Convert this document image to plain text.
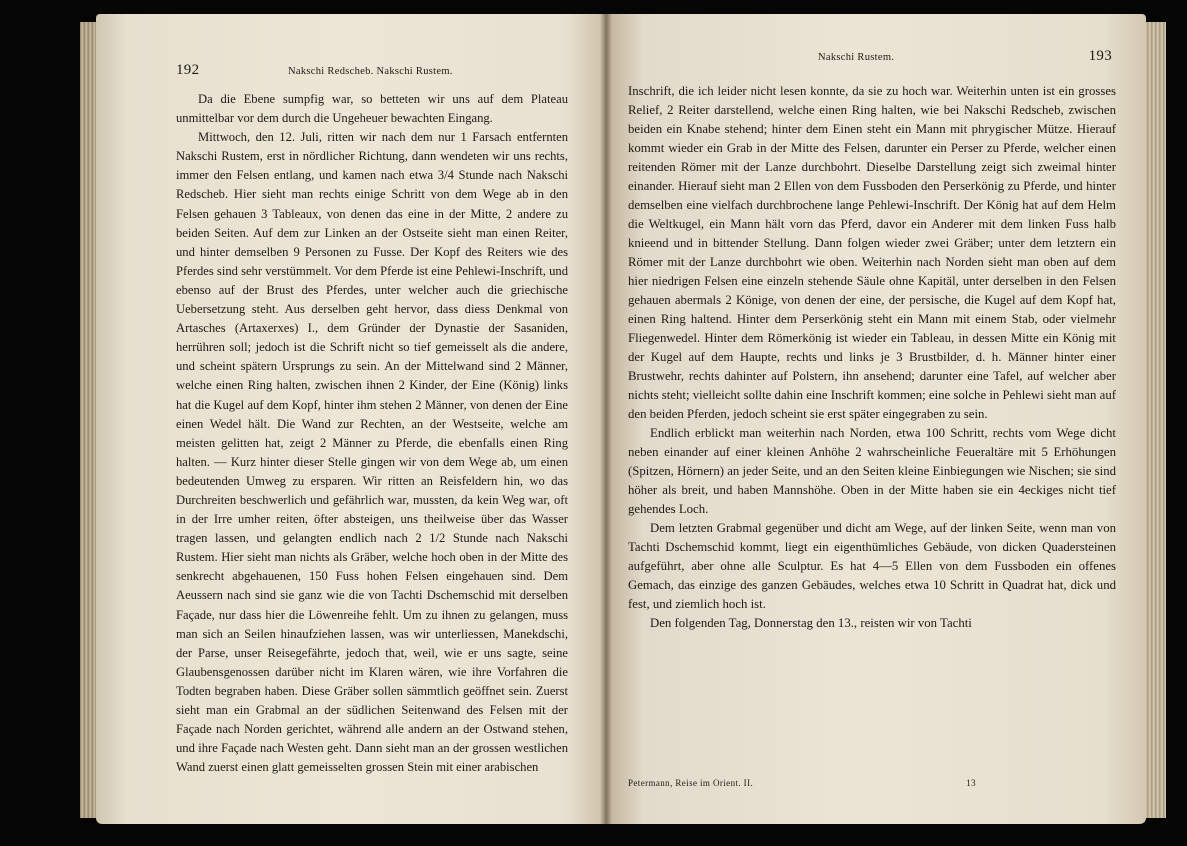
192	Nakschi Redscheb. Nakschi Rustem.

Da die Ebene sumpfig war, so betteten wir uns auf dem Plateau unmittelbar vor dem durch die Ungeheuer bewachten Eingang.

Mittwoch, den 12. Juli, ritten wir nach dem nur 1 Farsach entfernten Nakschi Rustem, erst in nördlicher Richtung, dann wendeten wir uns rechts, immer den Felsen entlang, und kamen nach etwa 3/4 Stunde nach Nakschi Redscheb. Hier sieht man rechts einige Schritt von dem Wege ab in den Felsen gehauen 3 Tableaux, von denen das eine in der Mitte, 2 andere zu beiden Seiten. Auf dem zur Linken an der Ostseite sieht man einen Reiter, und hinter demselben 9 Personen zu Fusse. Der Kopf des Reiters wie des Pferdes sind sehr verstümmelt. Vor dem Pferde ist eine Pehlewi-Inschrift, und ebenso auf der Brust des Pferdes, unter welcher auch die griechische Uebersetzung steht. Aus derselben geht hervor, dass diess Denkmal von Artasches (Artaxerxes) I., dem Gründer der Dynastie der Sasaniden, herrühren soll; jedoch ist die Schrift nicht so tief gemeisselt als die andere, und scheint spätern Ursprungs zu sein. An der Mittelwand sind 2 Männer, welche einen Ring halten, zwischen ihnen 2 Kinder, der Eine (König) links hat die Kugel auf dem Kopf, hinter ihm stehen 2 Männer, von denen der Eine einen Wedel hält. Die Wand zur Rechten, an der Westseite, welche am meisten gelitten hat, zeigt 2 Männer zu Pferde, die ebenfalls einen Ring halten. — Kurz hinter dieser Stelle gingen wir von dem Wege ab, um einen bedeutenden Umweg zu ersparen. Wir ritten an Reisfeldern hin, wo das Durchreiten beschwerlich und gefährlich war, mussten, da kein Weg war, oft in der Irre umher reiten, öfter absteigen, uns theilweise über das Wasser tragen lassen, und gelangten endlich nach 2 1/2 Stunde nach Nakschi Rustem. Hier sieht man nichts als Gräber, welche hoch oben in der Mitte des senkrecht abgehauenen, 150 Fuss hohen Felsen eingehauen sind. Dem Aeussern nach sind sie ganz wie die von Tachti Dschemschid mit derselben Façade, nur dass hier die Löwenreihe fehlt. Um zu ihnen zu gelangen, muss man sich an Seilen hinaufziehen lassen, was wir unterliessen, Manekdschi, der Parse, unser Reisegefährte, jedoch that, weil, wie er uns sagte, seine Glaubensgenossen darüber nicht im Klaren wären, wie ihre Vorfahren die Todten begraben haben. Diese Gräber sollen sämmtlich geöffnet sein. Zuerst sieht man ein Grabmal an der südlichen Seitenwand des Felsen mit der Façade nach Norden gerichtet, während alle andern an der Ostwand stehen, und ihre Façade nach Westen geht. Dann sieht man an der grossen westlichen Wand zuerst einen glatt gemeisselten grossen Stein mit einer arabischen

Nakschi Rustem.	193

Inschrift, die ich leider nicht lesen konnte, da sie zu hoch war. Weiterhin unten ist ein grosses Relief, 2 Reiter darstellend, welche einen Ring halten, wie bei Nakschi Redscheb, zwischen beiden ein Knabe stehend; hinter dem Einen steht ein Mann mit phrygischer Mütze. Hierauf kommt wieder ein Grab in der Mitte des Felsen, darunter ein Perser zu Pferde, welcher einen reitenden Römer mit der Lanze durchbohrt. Dieselbe Darstellung zeigt sich zweimal hinter einander. Hierauf sieht man 2 Ellen von dem Fussboden den Perserkönig zu Pferde, und hinter demselben eine vielfach durchbrochene lange Pehlewi-Inschrift. Der König hat auf dem Helm die Weltkugel, ein Mann hält vorn das Pferd, davor ein Anderer mit dem linken Fuss halb knieend und in bittender Stellung. Dann folgen wieder zwei Gräber; unter dem letztern ein Römer mit der Lanze durchbohrt wie oben. Weiterhin nach Norden sieht man oben auf dem hier niedrigen Felsen eine einzeln stehende Säule ohne Kapitäl, unter derselben in den Felsen gehauen abermals 2 Könige, von denen der eine, der persische, die Kugel auf dem Kopf hat, einen Ring haltend. Hinter dem Perserkönig steht ein Mann mit einem Stab, oder vielmehr Fliegenwedel. Hinter dem Römerkönig ist wieder ein Tableau, in dessen Mitte ein König mit der Kugel auf dem Haupte, rechts und links je 3 Brustbilder, d. h. Männer hinter einer Brustwehr, rechts dahinter auf Polstern, ihn ansehend; darunter eine Tafel, auf welcher aber nichts steht; vielleicht sollte dahin eine Inschrift kommen; eine solche in Pehlewi sieht man auf den beiden Pferden, jedoch scheint sie erst später eingegraben zu sein.

Endlich erblickt man weiterhin nach Norden, etwa 100 Schritt, rechts vom Wege dicht neben einander auf einer kleinen Anhöhe 2 wahrscheinliche Feueraltäre mit 5 Erhöhungen (Spitzen, Hörnern) an jeder Seite, und an den Seiten kleine Einbiegungen wie Nischen; sie sind höher als breit, und haben Mannshöhe. Oben in der Mitte haben sie ein 4eckiges nicht tief gehendes Loch.

Dem letzten Grabmal gegenüber und dicht am Wege, auf der linken Seite, wenn man von Tachti Dschemschid kommt, liegt ein eigenthümliches Gebäude, von dicken Quadersteinen aufgeführt, aber ohne alle Sculptur. Es hat 4—5 Ellen von dem Fussboden ein offenes Gemach, das einzige des ganzen Gebäudes, welches etwa 10 Schritt in Quadrat hat, dick und fest, und ziemlich hoch ist.

Den folgenden Tag, Donnerstag den 13., reisten wir von Tachti

Petermann, Reise im Orient. II.	13
